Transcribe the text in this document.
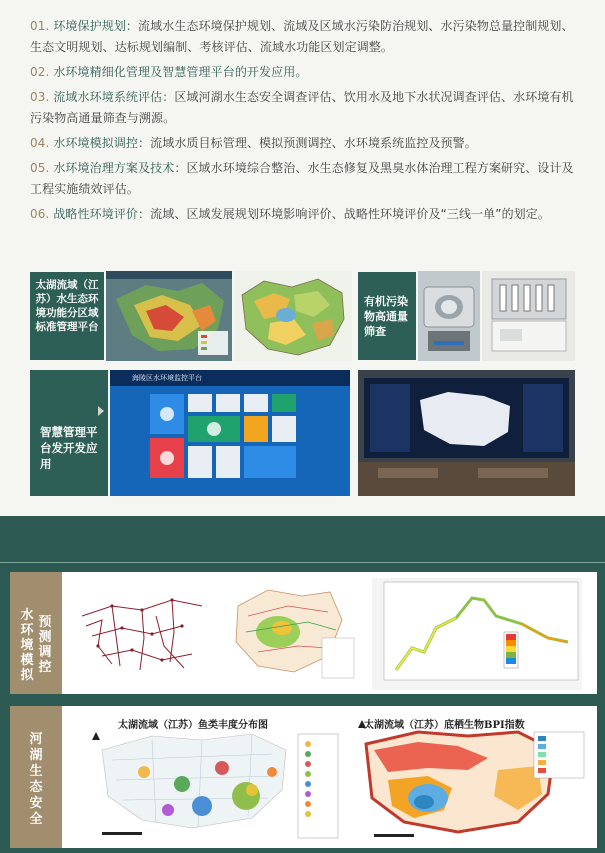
01. 环境保护规划：流域水生态环境保护规划、流域及区域水污染防治规划、水污染物总量控制规划、生态文明规划、达标规划编制、考核评估、流域水功能区划定调整。
02. 水环境精细化管理及智慧管理平台的开发应用。
03. 流域水环境系统评估：区域河湖水生态安全调查评估、饮用水及地下水状况调查评估、水环境有机污染物高通量筛查与溯源。
04. 水环境模拟调控：流域水质目标管理、模拟预测调控、水环境系统监控及预警。
05. 水环境治理方案及技术：区域水环境综合整治、水生态修复及黑臭水体治理工程方案研究、设计及工程实施绩效评估。
06. 战略性环境评价：流域、区域发展规划环境影响评价、战略性环境评价及“三线一单”的划定。
太湖流域（江苏）水生态环境功能分区域标准管理平台
有机污染物高通量筛查
智慧管理平台发开发应用
海陵区水环境监控平台
水环境模拟
预测调控
河湖生态安全
太湖流域（江苏）鱼类丰度分布图	太湖流域（江苏）底栖生物BPI指数
